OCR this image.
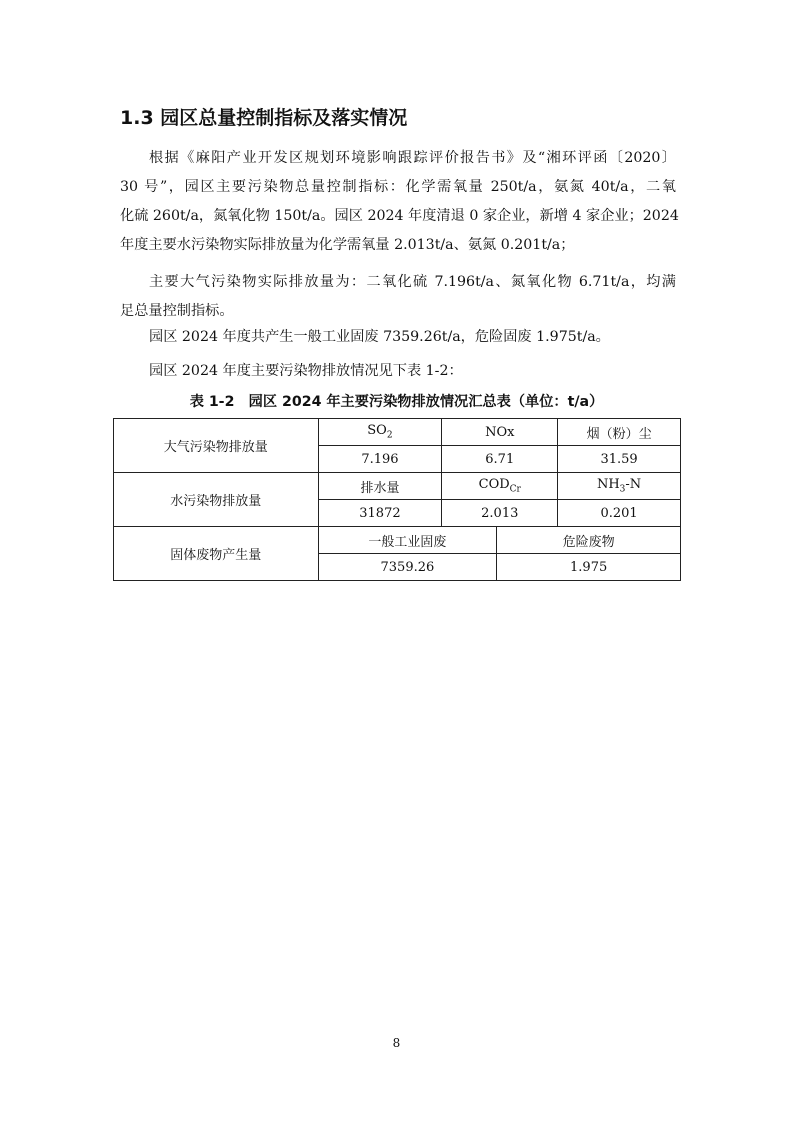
1.3 园区总量控制指标及落实情况
根据《麻阳产业开发区规划环境影响跟踪评价报告书》及“湘环评函〔2020〕
30 号”，园区主要污染物总量控制指标：化学需氧量 250t/a，氨氮 40t/a，二氧
化硫 260t/a，氮氧化物 150t/a。园区 2024 年度清退 0 家企业，新增 4 家企业；2024
年度主要水污染物实际排放量为化学需氧量 2.013t/a、氨氮 0.201t/a；
主要大气污染物实际排放量为：二氧化硫 7.196t/a、氮氧化物 6.71t/a，均满
足总量控制指标。
园区 2024 年度共产生一般工业固废 7359.26t/a，危险固废 1.975t/a。
园区 2024 年度主要污染物排放情况见下表 1-2：
表 1-2　园区 2024 年主要污染物排放情况汇总表（单位：t/a）
大气污染物排放量	$SO_2$	NOx		烟（粉）尘
	7.196	6.71		31.59
水污染物排放量	排水量	$COD_{Cr}$		$NH_3-N$
	31872	2.013		0.201
固体废物产生量	一般工业固废		危险废物	
	7359.26		1.975	
8
